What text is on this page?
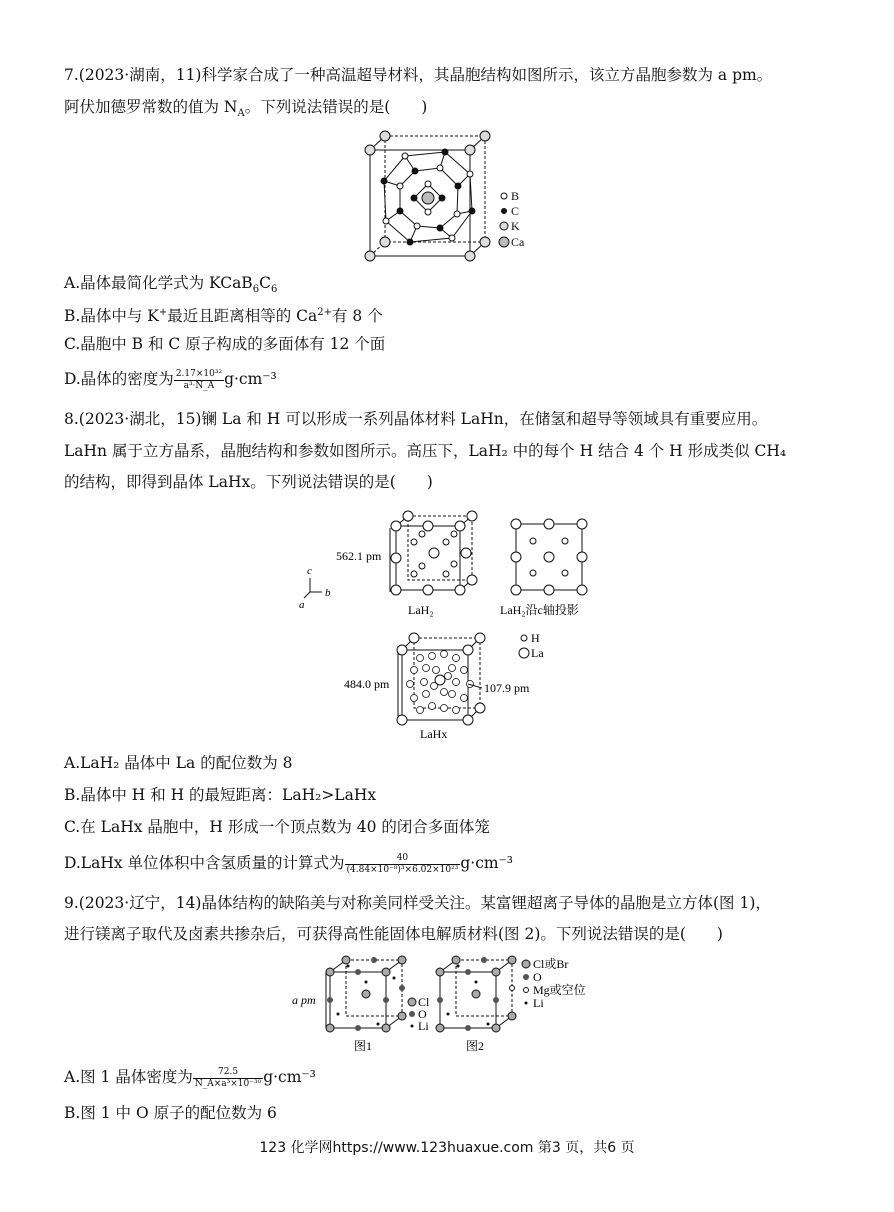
7.(2023·湖南，11)科学家合成了一种高温超导材料，其晶胞结构如图所示，该立方晶胞参数为 a pm。
阿伏加德罗常数的值为 $N_A$。下列说法错误的是(　　)
B
C
K
Ca
A.晶体最简化学式为 $KCaB_6C_6$
B.晶体中与 K+最近且距离相等的 $Ca^{2+}$有 8 个
C.晶胞中 B 和 C 原子构成的多面体有 12 个面
D.晶体的密度为 $\frac{\text{2.17×10³²}}{\text{a³·N\_A}} g\cdot cm^{-3}$
8.(2023·湖北，15)镧 La 和 H 可以形成一系列晶体材料 LaHn，在储氢和超导等领域具有重要应用。
LaHn 属于立方晶系，晶胞结构和参数如图所示。高压下，LaH₂ 中的每个 H 结合 4 个 H 形成类似 CH₄
的结构，即得到晶体 LaHx。下列说法错误的是(　　)
562.1 pm
c
b
a	LaH₂	LaH₂沿c轴投影
484.0 pm	107.9 pm
H
La
LaHx
A.LaH₂ 晶体中 La 的配位数为 8
B.晶体中 H 和 H 的最短距离：LaH₂>LaHx
C.在 LaHx 晶胞中，H 形成一个顶点数为 40 的闭合多面体笼
D.LaHx 单位体积中含氢质量的计算式为 $\frac{40}{\text{(4.84×10⁻⁸)³×6.02×10²³}} g\cdot cm^{-3}$
9.(2023·辽宁，14)晶体结构的缺陷美与对称美同样受关注。某富锂超离子导体的晶胞是立方体(图 1)，
进行镁离子取代及卤素共掺杂后，可获得高性能固体电解质材料(图 2)。下列说法错误的是(　　)
a pm	Cl
O
Li
图1
Cl或Br
O
Mg或空位
Li
图2
A.图 1 晶体密度为 $\frac{72.5}{\text{N\_A×a³×10⁻³⁰}} g\cdot cm^{-3}$
B.图 1 中 O 原子的配位数为 6
123 化学网https://www.123huaxue.com 第3 页，共6 页
